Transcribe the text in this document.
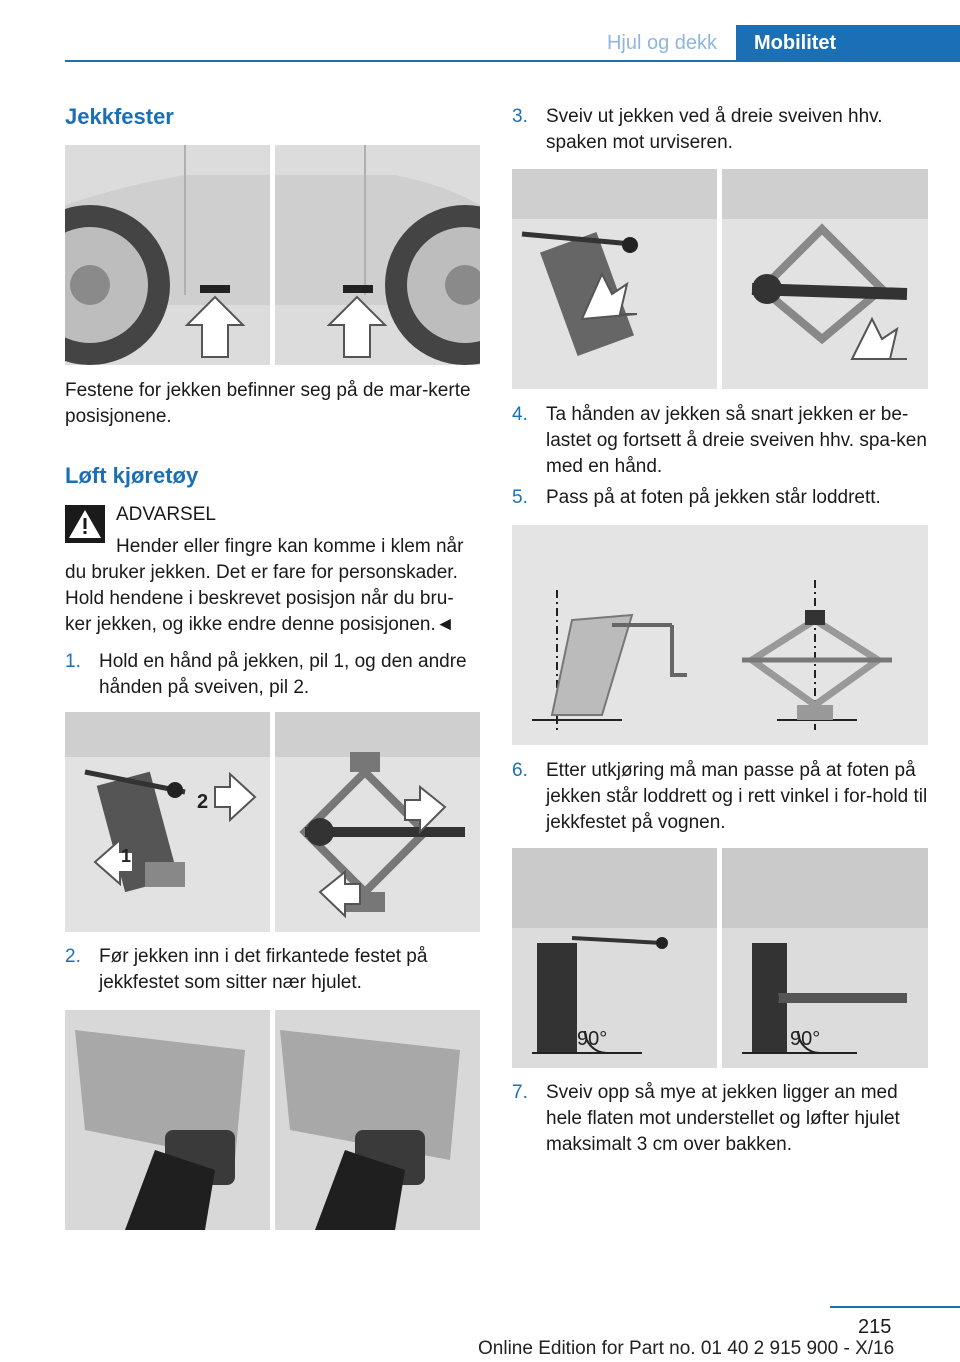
Hjul og dekk	Mobilitet
Jekkfester

Festene for jekken befinner seg på de mar-kerte posisjonene.

Løft kjøretøy
ADVARSEL

Hender eller fingre kan komme i klem når du bruker jekken. Det er fare for personskader. Hold hendene i beskrevet posisjon når du bru-ker jekken, og ikke endre denne posisjonen.◄

1. Hold en hånd på jekken, pil 1, og den andre hånden på sveiven, pil 2.
1
2
2. Før jekken inn i det firkantede festet på jekkfestet som sitter nær hjulet.
3. Sveiv ut jekken ved å dreie sveiven hhv. spaken mot urviseren.
4. Ta hånden av jekken så snart jekken er be-lastet og fortsett å dreie sveiven hhv. spa-ken med en hånd.
5. Pass på at foten på jekken står loddrett.
6. Etter utkjøring må man passe på at foten på jekken står loddrett og i rett vinkel i for-hold til jekkfestet på vognen.
90°	90°
7. Sveiv opp så mye at jekken ligger an med hele flaten mot understellet og løfter hjulet maksimalt 3 cm over bakken.
215
Online Edition for Part no. 01 40 2 915 900 - X/16
